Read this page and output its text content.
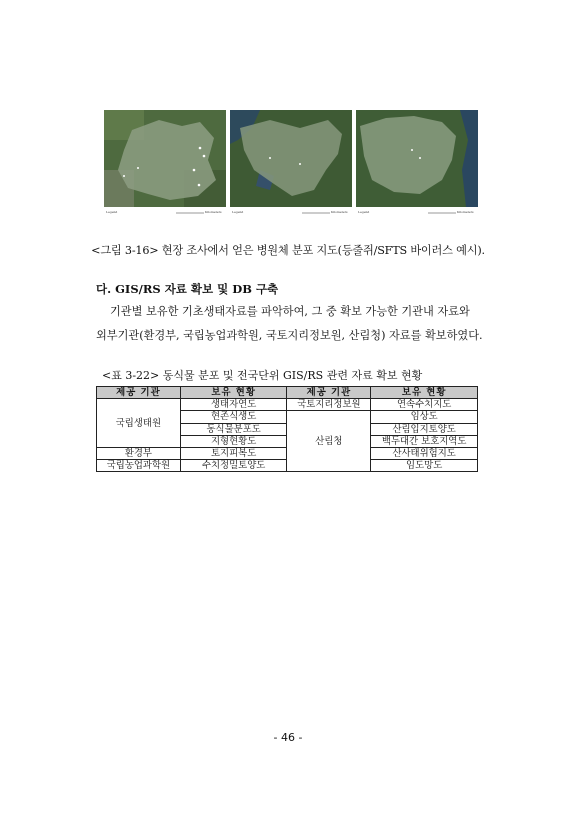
Legend	Kilometers	Legend	Kilometers	Legend	Kilometers
<그림 3-16> 현장 조사에서 얻은 병원체 분포 지도(등줄쥐/SFTS 바이러스 예시).
다. GIS/RS 자료 확보 및 DB 구축
기관별 보유한 기초생태자료를 파악하여, 그 중 확보 가능한 기관내 자료와
외부기관(환경부, 국립농업과학원, 국토지리정보원, 산림청) 자료를 확보하였다.
<표 3-22> 동식물 분포 및 전국단위 GIS/RS 관련 자료 확보 현황
제공 기관	보유 현황	제공 기관	보유 현황
국립생태원	생태자연도	국토지리정보원	연속수치지도
	현존식생도	산림청	임상도
	동식물분포도		산림입지토양도
	지형현황도		백두대간 보호지역도
환경부	토지피복도		산사태위험지도
국립농업과학원	수치정밀토양도		임도망도
- 46 -
